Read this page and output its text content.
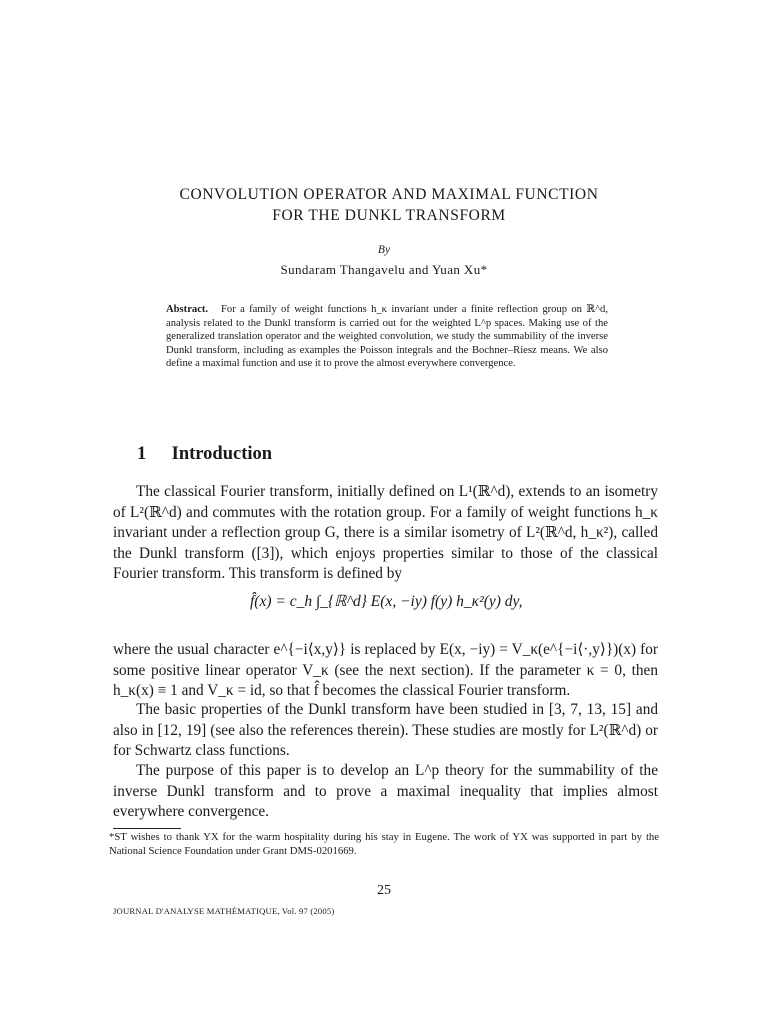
CONVOLUTION OPERATOR AND MAXIMAL FUNCTION
FOR THE DUNKL TRANSFORM
By
Sundaram Thangavelu and Yuan Xu*
Abstract. For a family of weight functions h_κ invariant under a finite reflection group on ℝ^d, analysis related to the Dunkl transform is carried out for the weighted L^p spaces. Making use of the generalized translation operator and the weighted convolution, we study the summability of the inverse Dunkl transform, including as examples the Poisson integrals and the Bochner–Riesz means. We also define a maximal function and use it to prove the almost everywhere convergence.
1 Introduction
The classical Fourier transform, initially defined on L¹(ℝ^d), extends to an isometry of L²(ℝ^d) and commutes with the rotation group. For a family of weight functions h_κ invariant under a reflection group G, there is a similar isometry of L²(ℝ^d, h_κ²), called the Dunkl transform ([3]), which enjoys properties similar to those of the classical Fourier transform. This transform is defined by
f̂(x) = c_h ∫_{ℝ^d} E(x, −iy) f(y) h_κ²(y) dy,
where the usual character e^{−i⟨x,y⟩} is replaced by E(x, −iy) = V_κ(e^{−i⟨·,y⟩})(x) for some positive linear operator V_κ (see the next section). If the parameter κ = 0, then h_κ(x) ≡ 1 and V_κ = id, so that f̂ becomes the classical Fourier transform.
The basic properties of the Dunkl transform have been studied in [3, 7, 13, 15] and also in [12, 19] (see also the references therein). These studies are mostly for L²(ℝ^d) or for Schwartz class functions.
The purpose of this paper is to develop an L^p theory for the summability of the inverse Dunkl transform and to prove a maximal inequality that implies almost everywhere convergence.
*ST wishes to thank YX for the warm hospitality during his stay in Eugene. The work of YX was supported in part by the National Science Foundation under Grant DMS-0201669.
25
JOURNAL D'ANALYSE MATHÉMATIQUE, Vol. 97 (2005)
